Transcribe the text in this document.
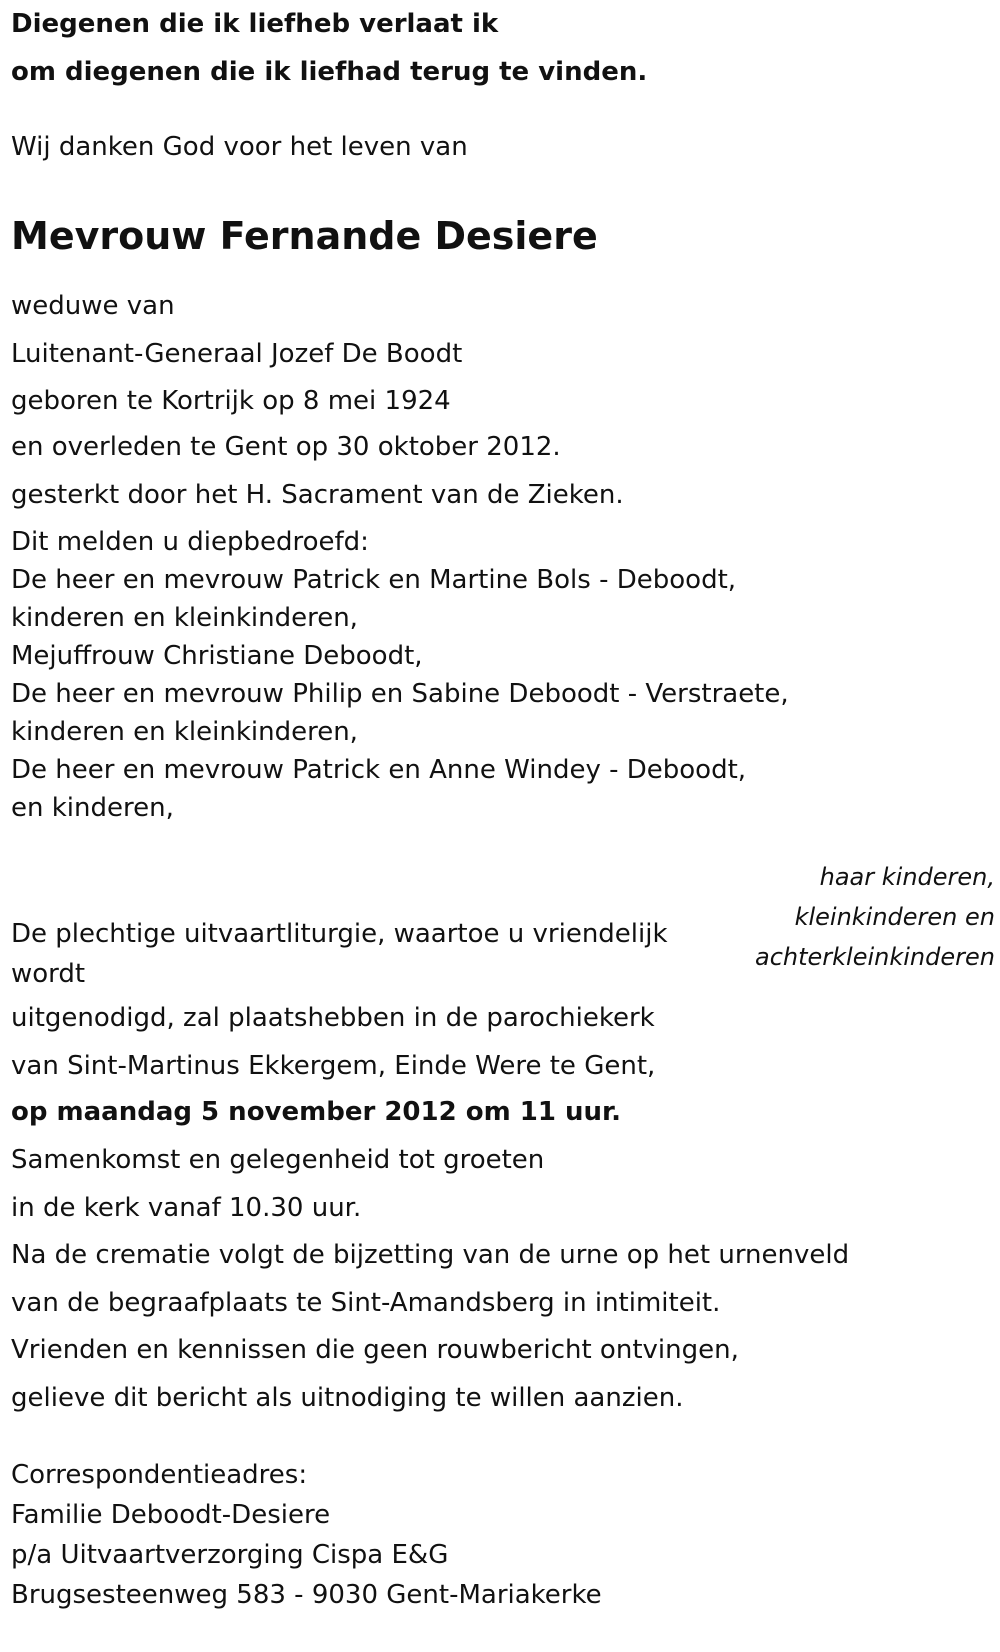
Diegenen die ik liefheb verlaat ik

om diegenen die ik liefhad terug te vinden.

Wij danken God voor het leven van

Mevrouw Fernande Desiere

weduwe van

Luitenant-Generaal Jozef De Boodt

geboren te Kortrijk op 8 mei 1924

en overleden te Gent op 30 oktober 2012.

gesterkt door het H. Sacrament van de Zieken.

Dit melden u diepbedroefd:

De heer en mevrouw Patrick en Martine Bols - Deboodt,

kinderen en kleinkinderen,

Mejuffrouw Christiane Deboodt,

De heer en mevrouw Philip en Sabine Deboodt - Verstraete,

kinderen en kleinkinderen,

De heer en mevrouw Patrick en Anne Windey - Deboodt,

en kinderen,

haar kinderen,
kleinkinderen en
achterkleinkinderen

De plechtige uitvaartliturgie, waartoe u vriendelijk wordt

uitgenodigd, zal plaatshebben in de parochiekerk

van Sint-Martinus Ekkergem, Einde Were te Gent,

op maandag 5 november 2012 om 11 uur.

Samenkomst en gelegenheid tot groeten

in de kerk vanaf 10.30 uur.

Na de crematie volgt de bijzetting van de urne op het urnenveld

van de begraafplaats te Sint-Amandsberg in intimiteit.

Vrienden en kennissen die geen rouwbericht ontvingen,

gelieve dit bericht als uitnodiging te willen aanzien.

Correspondentieadres:

Familie Deboodt-Desiere

p/a Uitvaartverzorging Cispa E&G

Brugsesteenweg 583 - 9030 Gent-Mariakerke
